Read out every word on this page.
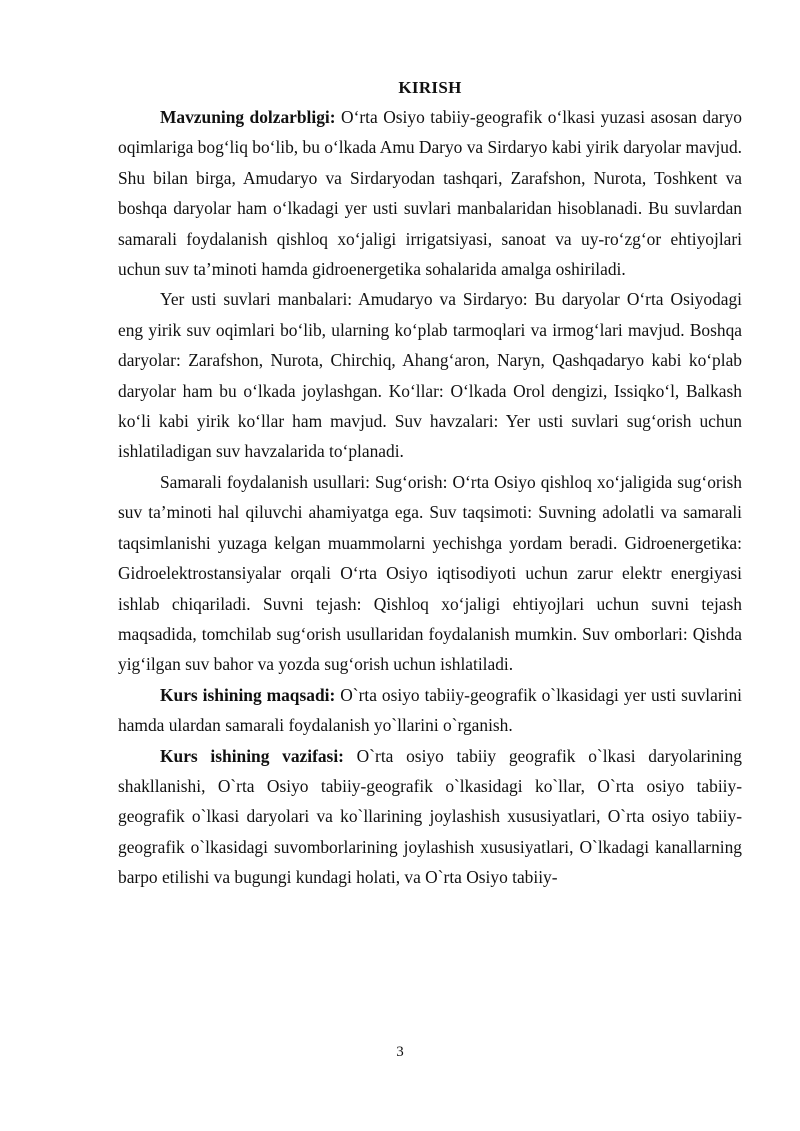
KIRISH

Mavzuning dolzarbligi: O‘rta Osiyo tabiiy-geografik o‘lkasi yuzasi asosan daryo oqimlariga bog‘liq bo‘lib, bu o‘lkada Amu Daryo va Sirdaryo kabi yirik daryolar mavjud. Shu bilan birga, Amudaryo va Sirdaryodan tashqari, Zarafshon, Nurota, Toshkent va boshqa daryolar ham o‘lkadagi yer usti suvlari manbalaridan hisoblanadi. Bu suvlardan samarali foydalanish qishloq xo‘jaligi irrigatsiyasi, sanoat va uy-ro‘zg‘or ehtiyojlari uchun suv ta’minoti hamda gidroenergetika sohalarida amalga oshiriladi.

Yer usti suvlari manbalari: Amudaryo va Sirdaryo: Bu daryolar O‘rta Osiyodagi eng yirik suv oqimlari bo‘lib, ularning ko‘plab tarmoqlari va irmog‘lari mavjud. Boshqa daryolar: Zarafshon, Nurota, Chirchiq, Ahang‘aron, Naryn, Qashqadaryo kabi ko‘plab daryolar ham bu o‘lkada joylashgan. Ko‘llar: O‘lkada Orol dengizi, Issiqko‘l, Balkash ko‘li kabi yirik ko‘llar ham mavjud. Suv havzalari: Yer usti suvlari sug‘orish uchun ishlatiladigan suv havzalarida to‘planadi.

Samarali foydalanish usullari: Sug‘orish: O‘rta Osiyo qishloq xo‘jaligida sug‘orish suv ta’minoti hal qiluvchi ahamiyatga ega. Suv taqsimoti: Suvning adolatli va samarali taqsimlanishi yuzaga kelgan muammolarni yechishga yordam beradi. Gidroenergetika: Gidroelektrostansiyalar orqali O‘rta Osiyo iqtisodiyoti uchun zarur elektr energiyasi ishlab chiqariladi. Suvni tejash: Qishloq xo‘jaligi ehtiyojlari uchun suvni tejash maqsadida, tomchilab sug‘orish usullaridan foydalanish mumkin. Suv omborlari: Qishda yig‘ilgan suv bahor va yozda sug‘orish uchun ishlatiladi.

Kurs ishining maqsadi: O`rta osiyo tabiiy-geografik o`lkasidagi yer usti suvlarini hamda ulardan samarali foydalanish yo`llarini o`rganish.

Kurs ishining vazifasi: O`rta osiyo tabiiy geografik o`lkasi daryolarining shakllanishi, O`rta Osiyo tabiiy-geografik o`lkasidagi ko`llar, O`rta osiyo tabiiy-geografik o`lkasi daryolari va ko`llarining joylashish xususiyatlari, O`rta osiyo tabiiy-geografik o`lkasidagi suvomborlarining joylashish xususiyatlari, O`lkadagi kanallarning barpo etilishi va bugungi kundagi holati, va O`rta Osiyo tabiiy-

3
